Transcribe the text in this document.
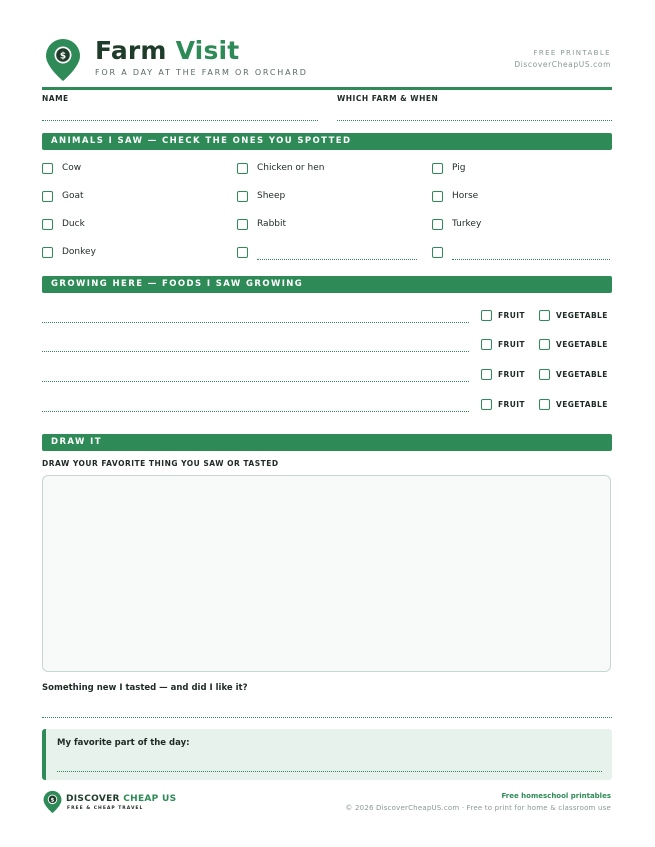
$ Farm Visit
FOR A DAY AT THE FARM OR ORCHARD
FREE PRINTABLE
DiscoverCheapUS.com
NAME	WHICH FARM & WHEN
ANIMALS I SAW — CHECK THE ONES YOU SPOTTED
Cow	Chicken or hen	Pig
Goat	Sheep	Horse
Duck	Rabbit	Turkey
Donkey
GROWING HERE — FOODS I SAW GROWING
FRUIT	VEGETABLE
FRUIT	VEGETABLE
FRUIT	VEGETABLE
FRUIT	VEGETABLE
DRAW IT
DRAW YOUR FAVORITE THING YOU SAW OR TASTED
Something new I tasted — and did I like it?
My favorite part of the day:
$ DISCOVER CHEAP US
FREE & CHEAP TRAVEL
Free homeschool printables
© 2026 DiscoverCheapUS.com · Free to print for home & classroom use
